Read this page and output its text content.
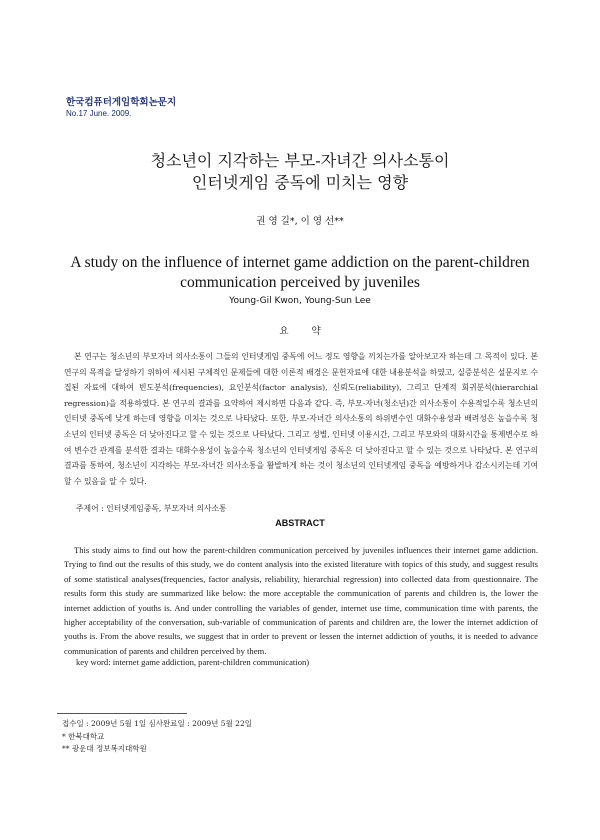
한국컴퓨터게임학회논문지
No.17 June. 2009.
청소년이 지각하는 부모-자녀간 의사소통이
인터넷게임 중독에 미치는 영향
권 영 길*, 이 영 선**
A study on the influence of internet game addiction on the parent-children communication perceived by juveniles
Young-Gil Kwon, Young-Sun Lee
요 약

본 연구는 청소년의 부모자녀 의사소통이 그들의 인터넷게임 중독에 어느 정도 영향을 끼치는가를 알아보고자 하는데 그 목적이 있다. 본 연구의 목적을 달성하기 위하여 세시된 구체적인 문제들에 대한 이론적 배경은 문헌자료에 대한 내용분석을 하였고, 실증분석은 설문지로 수집된 자료에 대하여 빈도분석(frequencies), 요인분석(factor analysis), 신뢰도(reliability), 그리고 단계적 회귀분석(hierarchial regression)을 적용하였다. 본 연구의 결과를 요약하여 제시하면 다음과 같다. 즉, 부모-자녀(청소년)간 의사소통이 수용적일수록 청소년의 인터넷 중독에 낮게 하는데 영향을 미치는 것으로 나타났다. 또한, 부모-자녀간 의사소통의 하위변수인 대화수용성과 배려성은 높을수록 청소년의 인터넷 중독은 더 낮아진다고 할 수 있는 것으로 나타났다. 그리고 성별, 인터넷 이용시간, 그리고 부모와의 대화시간을 통제변수로 하여 변수간 관계를 분석한 결과는 대화수용성이 높을수록 청소년의 인터넷게임 중독은 더 낮아진다고 할 수 있는 것으로 나타났다. 본 연구의 결과를 통하여, 청소년이 지각하는 부모-자녀간 의사소통을 활발하게 하는 것이 청소년의 인터넷게임 중독을 예방하거나 감소시키는데 기여할 수 있음을 알 수 있다.

주제어 : 인터넷게임중독, 부모자녀 의사소통
ABSTRACT

This study aims to find out how the parent-children communication perceived by juveniles influences their internet game addiction. Trying to find out the results of this study, we do content analysis into the existed literature with topics of this study, and suggest results of some statistical analyses(frequencies, factor analysis, reliability, hierarchial regression) into collected data from questionnaire. The results form this study are summarized like below: the more acceptable the communication of parents and children is, the lower the internet addiction of youths is. And under controlling the variables of gender, internet use time, communication time with parents, the higher acceptability of the conversation, sub-variable of communication of parents and children are, the lower the internet addiction of youths is. From the above results, we suggest that in order to prevent or lessen the internet addiction of youths, it is needed to advance communication of parents and children perceived by them.

key word: internet game addiction, parent-children communication)
접수일 : 2009년 5월 1일 심사완료일 : 2009년 5월 22일
* 한북대학교
** 광운대 정보복지대학원
